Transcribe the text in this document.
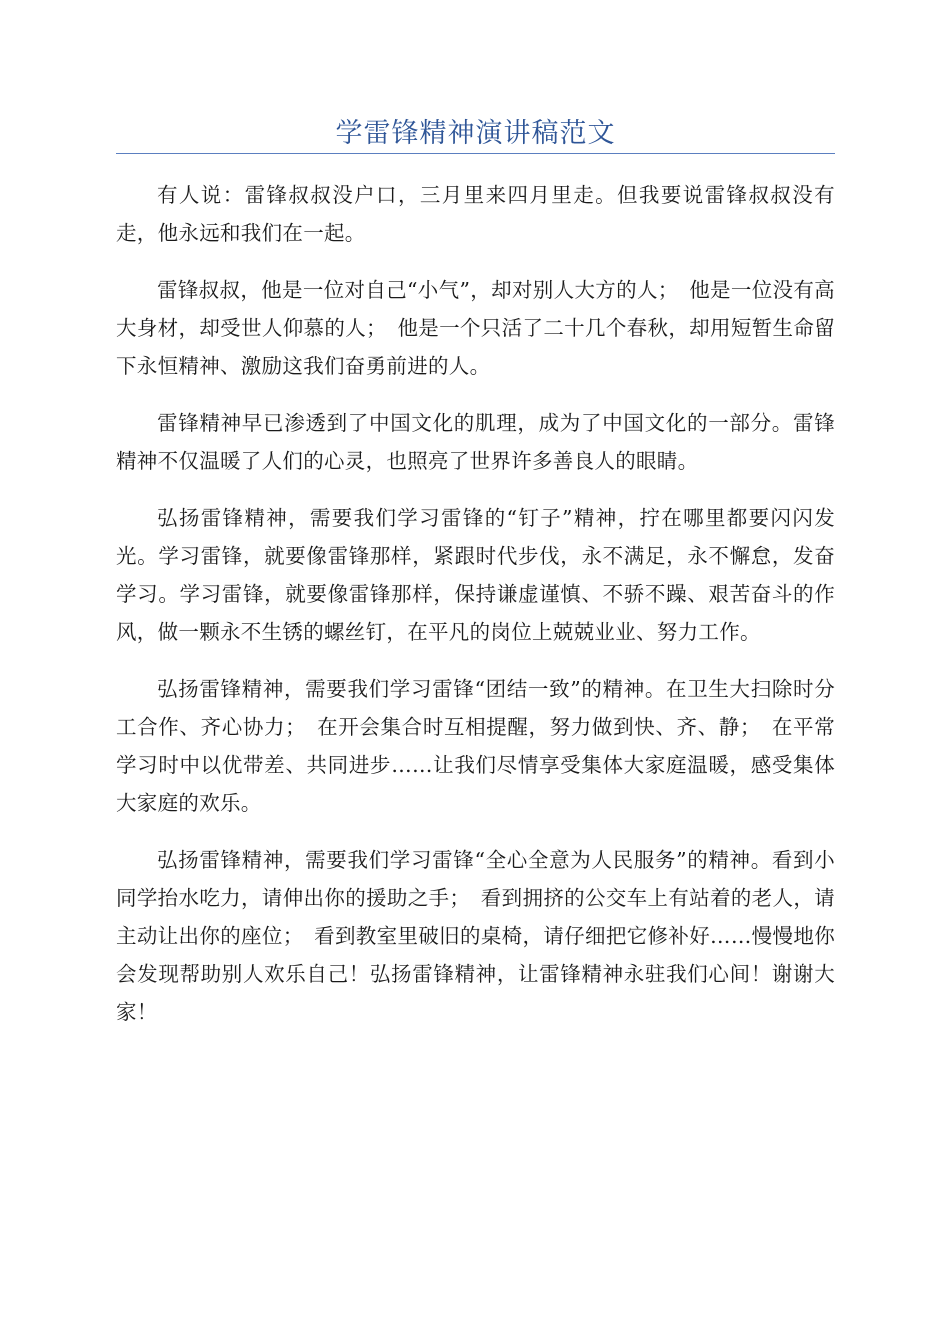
学雷锋精神演讲稿范文

有人说：雷锋叔叔没户口，三月里来四月里走。但我要说雷锋叔叔没有走，他永远和我们在一起。

雷锋叔叔，他是一位对自己“小气”，却对别人大方的人；　他是一位没有高大身材，却受世人仰慕的人；　他是一个只活了二十几个春秋，却用短暂生命留下永恒精神、激励这我们奋勇前进的人。

雷锋精神早已渗透到了中国文化的肌理，成为了中国文化的一部分。雷锋精神不仅温暖了人们的心灵，也照亮了世界许多善良人的眼睛。

弘扬雷锋精神，需要我们学习雷锋的“钉子”精神，拧在哪里都要闪闪发光。学习雷锋，就要像雷锋那样，紧跟时代步伐，永不满足，永不懈怠，发奋学习。学习雷锋，就要像雷锋那样，保持谦虚谨慎、不骄不躁、艰苦奋斗的作风，做一颗永不生锈的螺丝钉，在平凡的岗位上兢兢业业、努力工作。

弘扬雷锋精神，需要我们学习雷锋“团结一致”的精神。在卫生大扫除时分工合作、齐心协力；　在开会集合时互相提醒，努力做到快、齐、静；　在平常学习时中以优带差、共同进步……让我们尽情享受集体大家庭温暖，感受集体大家庭的欢乐。

弘扬雷锋精神，需要我们学习雷锋“全心全意为人民服务”的精神。看到小同学抬水吃力，请伸出你的援助之手；　看到拥挤的公交车上有站着的老人，请主动让出你的座位；　看到教室里破旧的桌椅，请仔细把它修补好……慢慢地你会发现帮助别人欢乐自己！弘扬雷锋精神，让雷锋精神永驻我们心间！谢谢大家！
